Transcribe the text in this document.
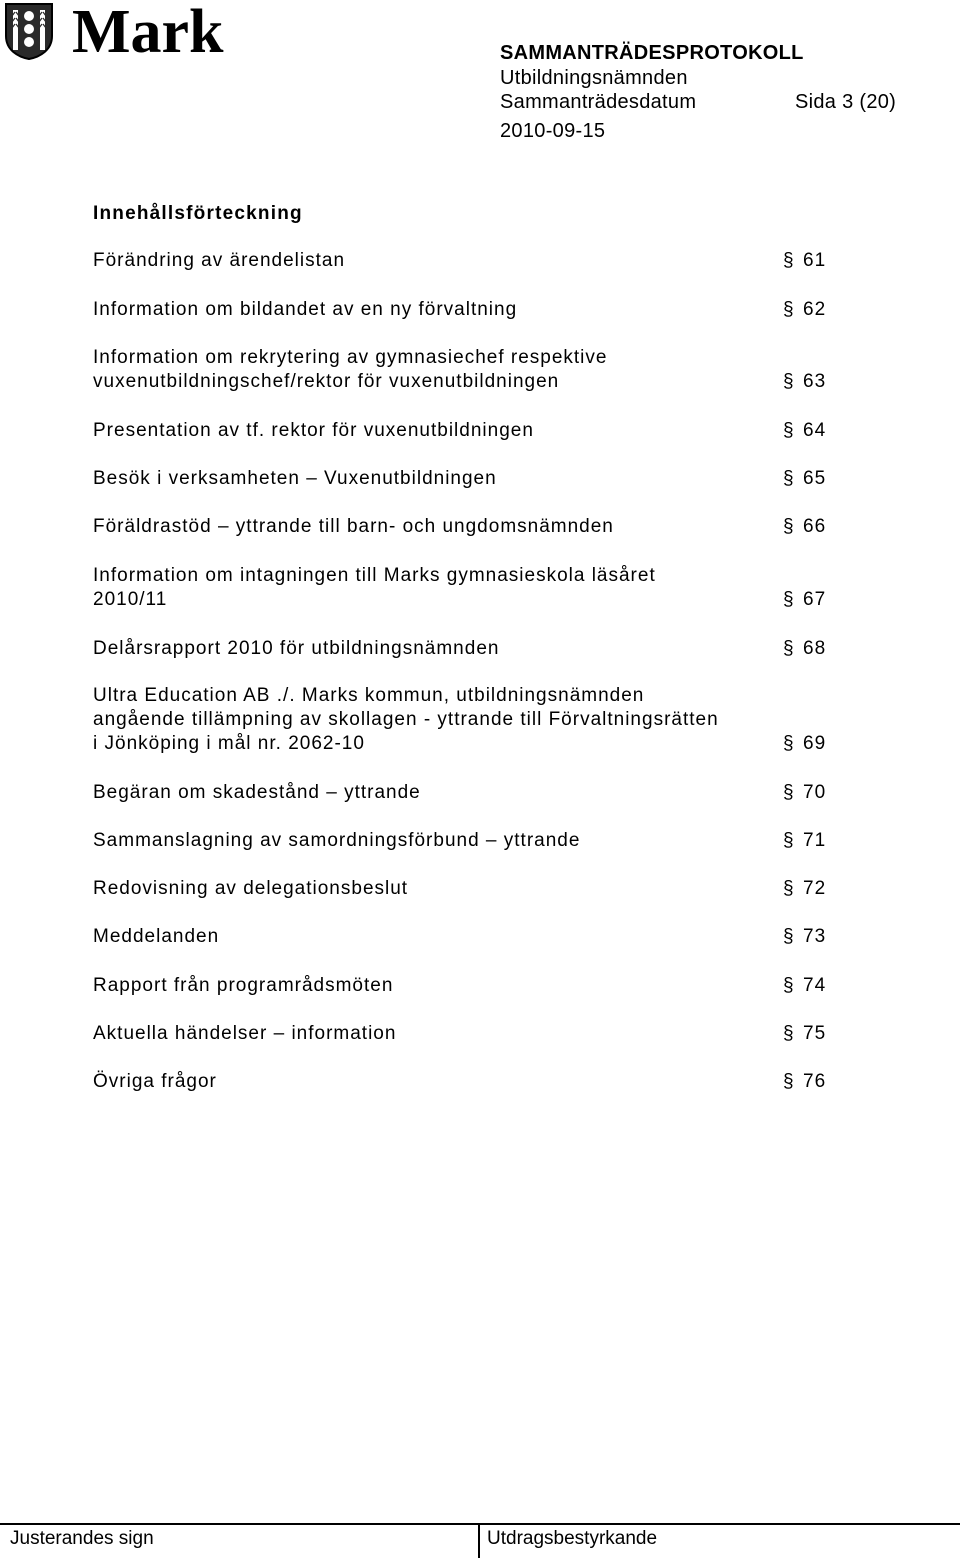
Mark	SAMMANTRÄDESPROTOKOLL
Utbildningsnämnden
Sammanträdesdatum	Sida 3 (20)
2010-09-15
Innehållsförteckning
Förändring av ärendelistan	§ 61
Information om bildandet av en ny förvaltning	§ 62
Information om rekrytering av gymnasiechef respektive
vuxenutbildningschef/rektor för vuxenutbildningen	§ 63
Presentation av tf. rektor för vuxenutbildningen	§ 64
Besök i verksamheten – Vuxenutbildningen	§ 65
Föräldrastöd – yttrande till barn- och ungdomsnämnden	§ 66
Information om intagningen till Marks gymnasieskola läsåret
2010/11	§ 67
Delårsrapport 2010 för utbildningsnämnden	§ 68
Ultra Education AB ./. Marks kommun, utbildningsnämnden
angående tillämpning av skollagen - yttrande till Förvaltningsrätten
i Jönköping i mål nr. 2062-10	§ 69
Begäran om skadestånd – yttrande	§ 70
Sammanslagning av samordningsförbund – yttrande	§ 71
Redovisning av delegationsbeslut	§ 72
Meddelanden	§ 73
Rapport från programrådsmöten	§ 74
Aktuella händelser – information	§ 75
Övriga frågor	§ 76
Justerandes sign	Utdragsbestyrkande
